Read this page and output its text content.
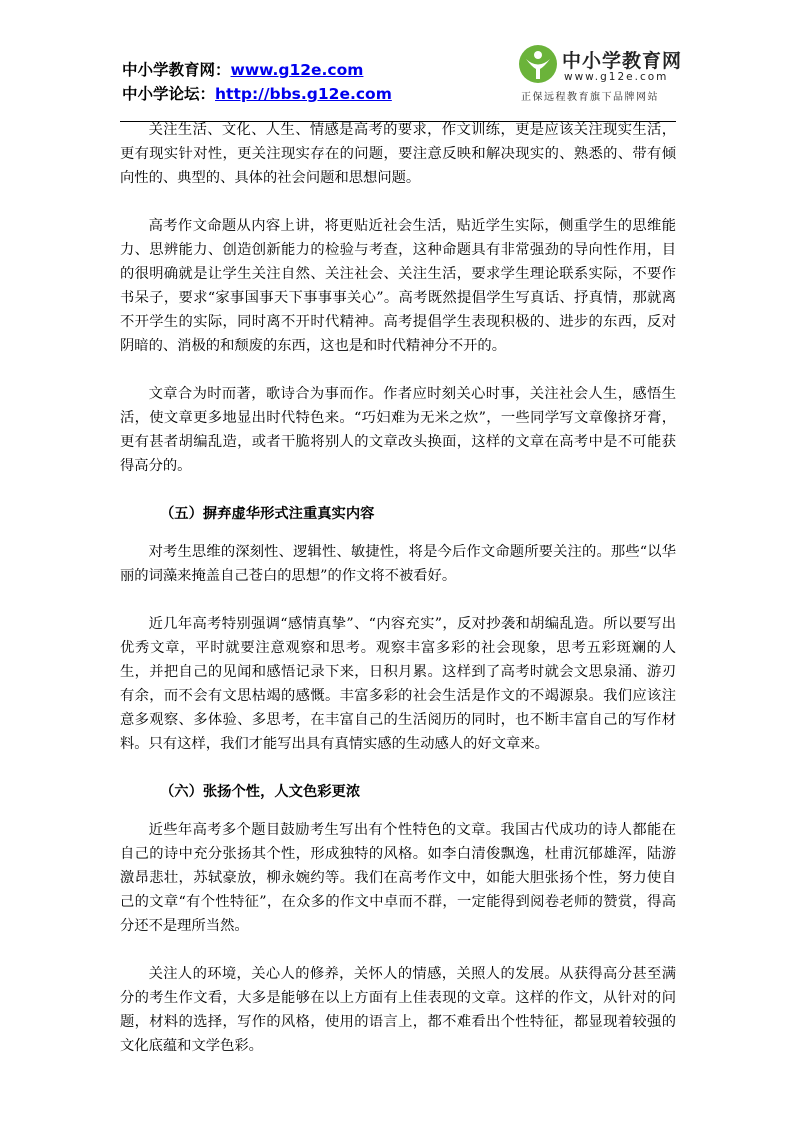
中小学教育网：www.g12e.com
中小学论坛：http://bbs.g12e.com
中小学教育网
www.g12e.com
正保远程教育旗下品牌网站

关注生活、文化、人生、情感是高考的要求，作文训练，更是应该关注现实生活，更有现实针对性，更关注现实存在的问题，要注意反映和解决现实的、熟悉的、带有倾向性的、典型的、具体的社会问题和思想问题。

高考作文命题从内容上讲，将更贴近社会生活，贴近学生实际，侧重学生的思维能力、思辨能力、创造创新能力的检验与考查，这种命题具有非常强劲的导向性作用，目的很明确就是让学生关注自然、关注社会、关注生活，要求学生理论联系实际，不要作书呆子，要求“家事国事天下事事事关心”。高考既然提倡学生写真话、抒真情，那就离不开学生的实际，同时离不开时代精神。高考提倡学生表现积极的、进步的东西，反对阴暗的、消极的和颓废的东西，这也是和时代精神分不开的。

文章合为时而著，歌诗合为事而作。作者应时刻关心时事，关注社会人生，感悟生活，使文章更多地显出时代特色来。“巧妇难为无米之炊”，一些同学写文章像挤牙膏，更有甚者胡编乱造，或者干脆将别人的文章改头换面，这样的文章在高考中是不可能获得高分的。

（五）摒弃虚华形式注重真实内容

对考生思维的深刻性、逻辑性、敏捷性，将是今后作文命题所要关注的。那些“以华丽的词藻来掩盖自己苍白的思想”的作文将不被看好。

近几年高考特别强调“感情真挚”、“内容充实”，反对抄袭和胡编乱造。所以要写出优秀文章，平时就要注意观察和思考。观察丰富多彩的社会现象，思考五彩斑斓的人生，并把自己的见闻和感悟记录下来，日积月累。这样到了高考时就会文思泉涌、游刃有余，而不会有文思枯竭的感慨。丰富多彩的社会生活是作文的不竭源泉。我们应该注意多观察、多体验、多思考，在丰富自己的生活阅历的同时，也不断丰富自己的写作材料。只有这样，我们才能写出具有真情实感的生动感人的好文章来。

（六）张扬个性，人文色彩更浓

近些年高考多个题目鼓励考生写出有个性特色的文章。我国古代成功的诗人都能在自己的诗中充分张扬其个性，形成独特的风格。如李白清俊飘逸，杜甫沉郁雄浑，陆游激昂悲壮，苏轼豪放，柳永婉约等。我们在高考作文中，如能大胆张扬个性，努力使自己的文章“有个性特征”，在众多的作文中卓而不群，一定能得到阅卷老师的赞赏，得高分还不是理所当然。

关注人的环境，关心人的修养，关怀人的情感，关照人的发展。从获得高分甚至满分的考生作文看，大多是能够在以上方面有上佳表现的文章。这样的作文，从针对的问题，材料的选择，写作的风格，使用的语言上，都不难看出个性特征，都显现着较强的文化底蕴和文学色彩。
